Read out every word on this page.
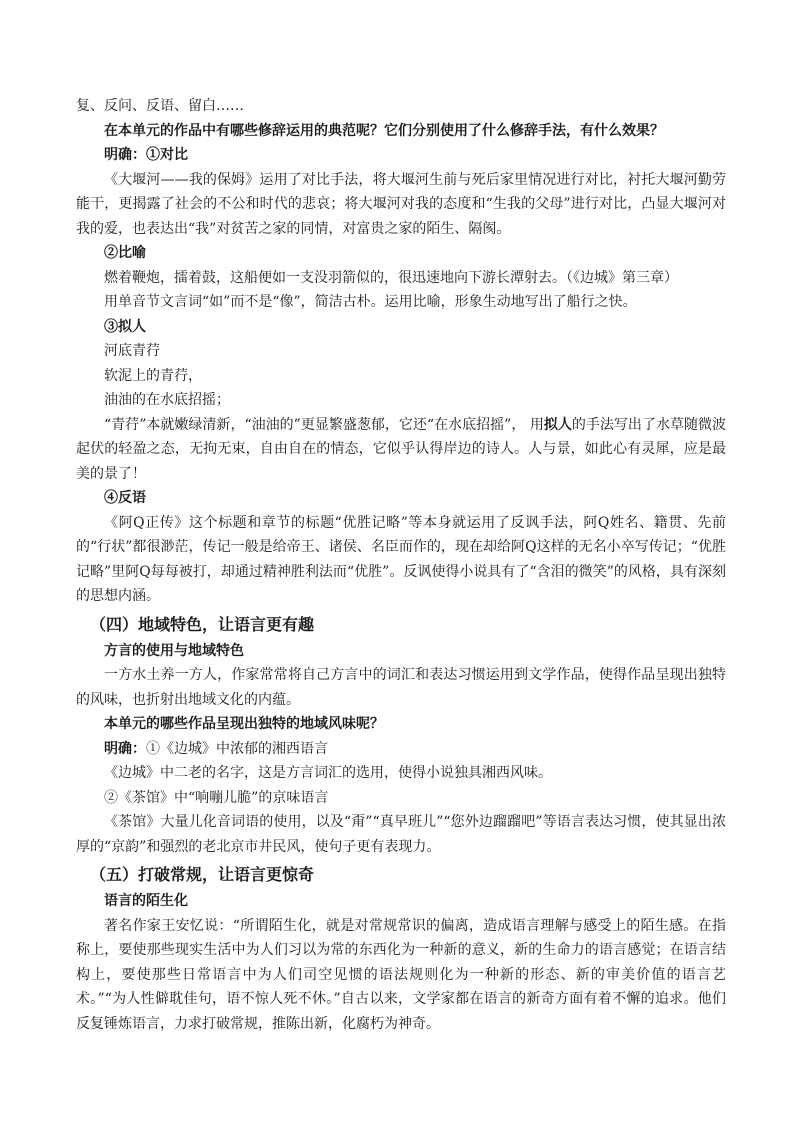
复、反问、反语、留白……

在本单元的作品中有哪些修辞运用的典范呢？它们分别使用了什么修辞手法，有什么效果？

明确：①对比

《大堰河——我的保姆》运用了对比手法，将大堰河生前与死后家里情况进行对比，衬托大堰河勤劳能干，更揭露了社会的不公和时代的悲哀；将大堰河对我的态度和“生我的父母”进行对比，凸显大堰河对我的爱，也表达出“我”对贫苦之家的同情，对富贵之家的陌生、隔阂。

②比喻

燃着鞭炮，擂着鼓，这船便如一支没羽箭似的，很迅速地向下游长潭射去。（《边城》第三章）

用单音节文言词“如”而不是“像”，简洁古朴。运用比喻，形象生动地写出了船行之快。

③拟人

河底青荇

软泥上的青荇，

油油的在水底招摇；

“青荇”本就嫩绿清新，“油油的”更显繁盛葱郁，它还“在水底招摇”， 用拟人的手法写出了水草随微波起伏的轻盈之态，无拘无束，自由自在的情态，它似乎认得岸边的诗人。人与景，如此心有灵犀，应是最美的景了！

④反语

《阿Q正传》这个标题和章节的标题“优胜记略”等本身就运用了反讽手法，阿Q姓名、籍贯、先前的“行状”都很渺茫，传记一般是给帝王、诸侯、名臣而作的，现在却给阿Q这样的无名小卒写传记；“优胜记略”里阿Q每每被打，却通过精神胜利法而“优胜”。反讽使得小说具有了“含泪的微笑”的风格，具有深刻的思想内涵。

（四）地域特色，让语言更有趣

方言的使用与地域特色

一方水土养一方人，作家常常将自己方言中的词汇和表达习惯运用到文学作品，使得作品呈现出独特的风味，也折射出地域文化的内蕴。

本单元的哪些作品呈现出独特的地域风味呢？

明确：①《边城》中浓郁的湘西语言

《边城》中二老的名字，这是方言词汇的选用，使得小说独具湘西风味。

②《茶馆》中“响嘣儿脆”的京味语言

《茶馆》大量儿化音词语的使用，以及“甭”“真早班儿”“您外边蹓蹓吧”等语言表达习惯，使其显出浓厚的“京韵”和强烈的老北京市井民风，使句子更有表现力。

（五）打破常规，让语言更惊奇

语言的陌生化

著名作家王安忆说：“所谓陌生化，就是对常规常识的偏离，造成语言理解与感受上的陌生感。在指称上，要使那些现实生活中为人们习以为常的东西化为一种新的意义，新的生命力的语言感觉；在语言结构上，要使那些日常语言中为人们司空见惯的语法规则化为一种新的形态、新的审美价值的语言艺术。”“为人性僻耽佳句，语不惊人死不休。”自古以来，文学家都在语言的新奇方面有着不懈的追求。他们反复锤炼语言，力求打破常规，推陈出新，化腐朽为神奇。
